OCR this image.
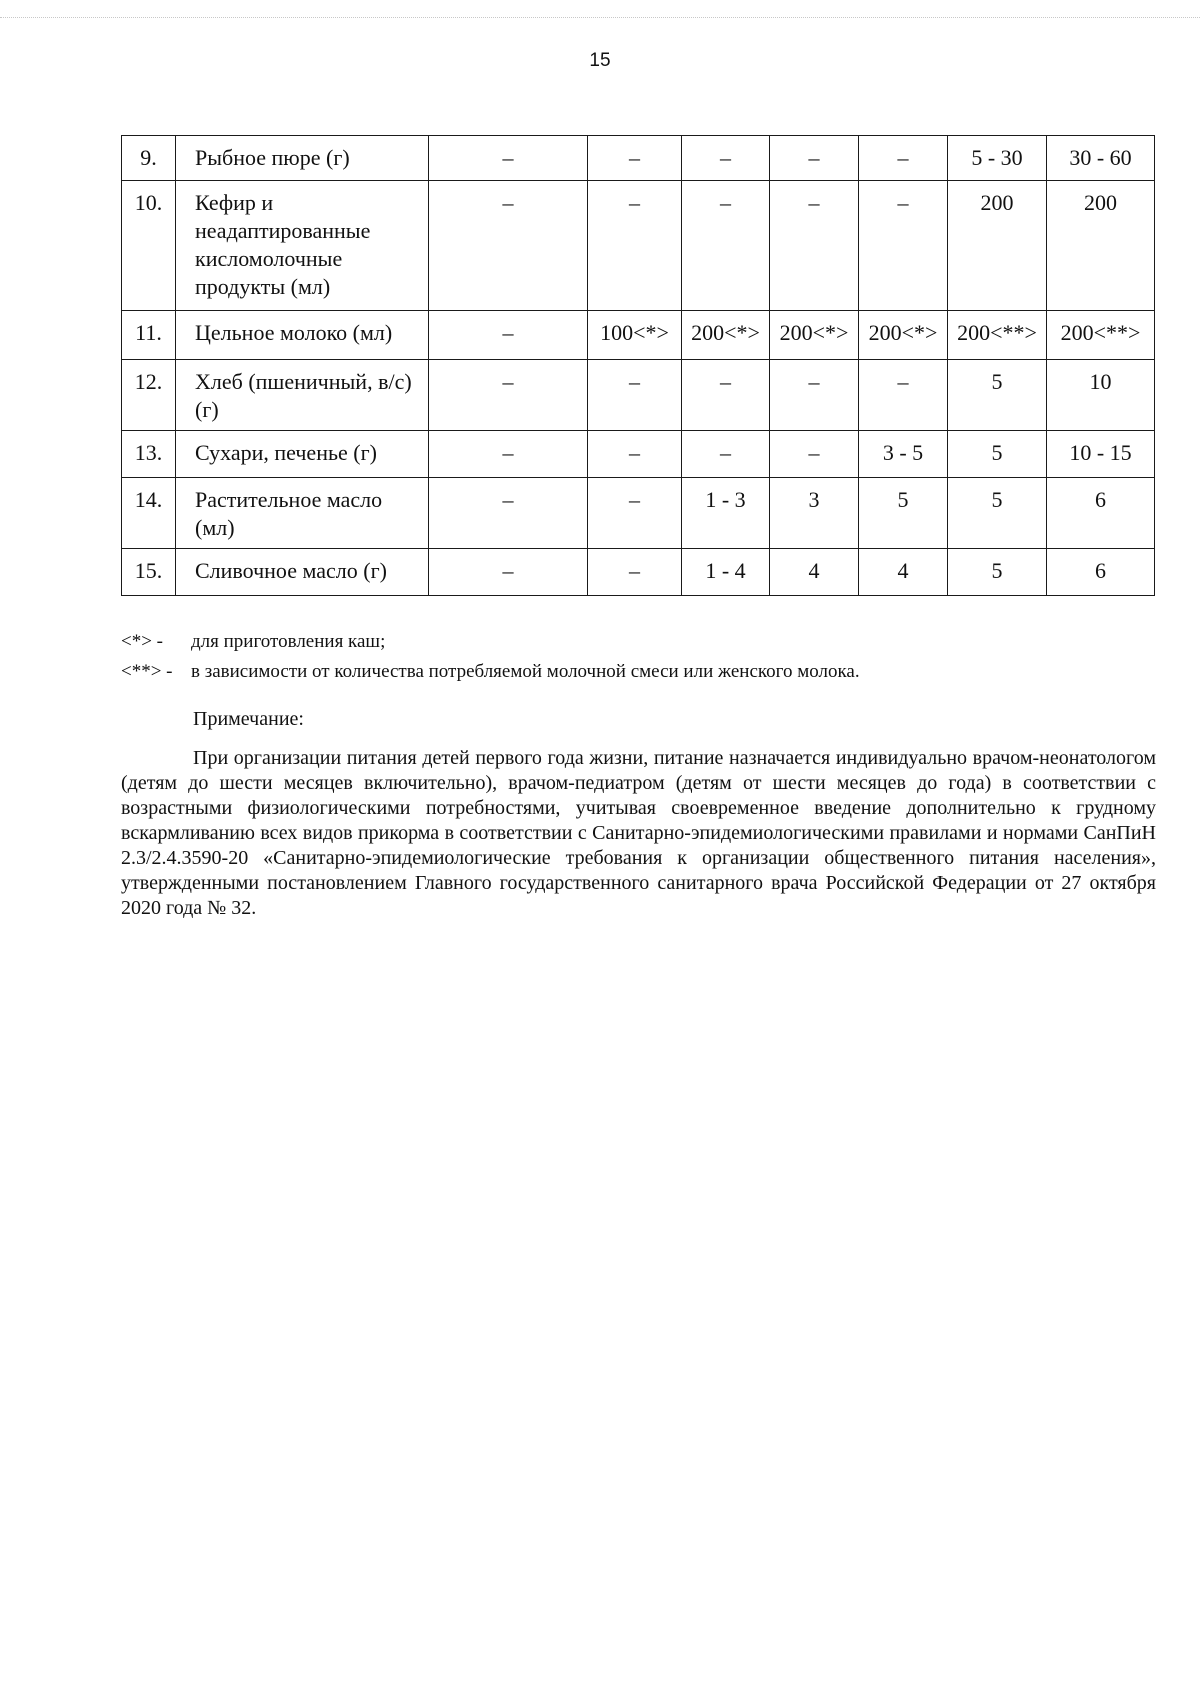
15
9.	Рыбное пюре (г)	–	–	–	–	–	5 - 30	30 - 60
10.	Кефир и неадаптированные кисломолочные продукты (мл)	–	–	–	–	–	200	200
11.	Цельное молоко (мл)	–	100<*>	200<*>	200<*>	200<*>	200<**>	200<**>
12.	Хлеб (пшеничный, в/с) (г)	–	–	–	–	–	5	10
13.	Сухари, печенье (г)	–	–	–	–	3 - 5	5	10 - 15
14.	Растительное масло (мл)	–	–	1 - 3	3	5	5	6
15.	Сливочное масло (г)	–	–	1 - 4	4	4	5	6
<*> -	для приготовления каш;
<**> - в зависимости от количества потребляемой молочной смеси или женского молока.
Примечание:
При организации питания детей первого года жизни, питание назначается индивидуально врачом-неонатологом (детям до шести месяцев включительно), врачом-педиатром (детям от шести месяцев до года) в соответствии с возрастными физиологическими потребностями, учитывая своевременное введение дополнительно к грудному вскармливанию всех видов прикорма в соответствии с Санитарно-эпидемиологическими правилами и нормами СанПиН 2.3/2.4.3590-20 «Санитарно-эпидемиологические требования к организации общественного питания населения», утвержденными постановлением Главного государственного санитарного врача Российской Федерации от 27 октября 2020 года № 32.
